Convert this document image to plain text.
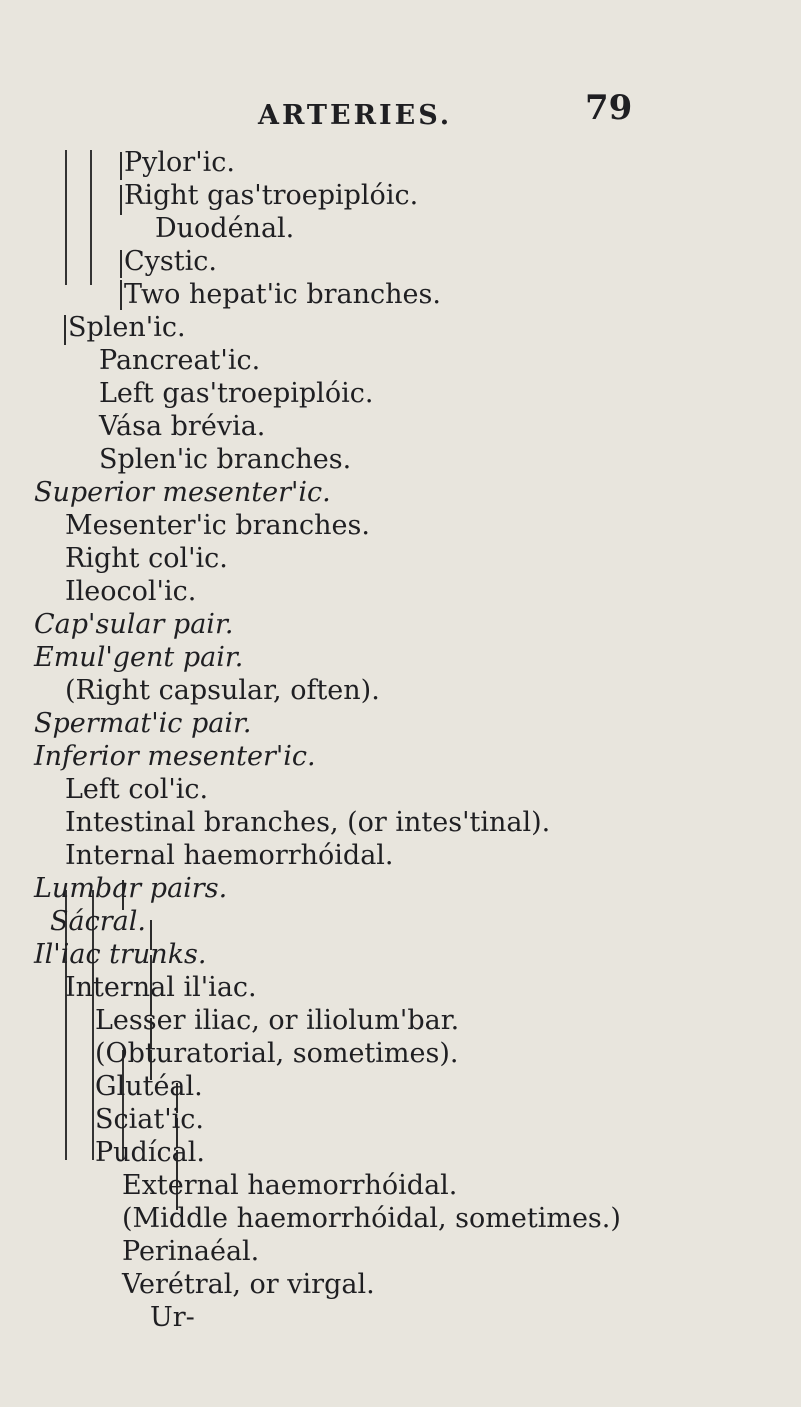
ARTERIES.	79
Pylor'ic.
Right gas'troepiplóic.
Duodénal.
Cystic.
Two hepat'ic branches.
Splen'ic.
Pancreat'ic.
Left gas'troepiplóic.
Vása brévia.
Splen'ic branches.
Superior mesenter'ic.
Mesenter'ic branches.
Right col'ic.
Ileocol'ic.
Cap'sular pair.
Emul'gent pair.
(Right capsular, often).
Spermat'ic pair.
Inferior mesenter'ic.
Left col'ic.
Intestinal branches, (or intes'tinal).
Internal haemorrhóidal.
Lumbar pairs.
Sácral.
Il'iac trunks.
Internal il'iac.
Lesser iliac, or iliolum'bar.
(Obturatorial, sometimes).
Glutéal.
Sciat'ic.
Pudícal.
External haemorrhóidal.
(Middle haemorrhóidal, sometimes.)
Perinaéal.
Verétral, or virgal.
Ur-
